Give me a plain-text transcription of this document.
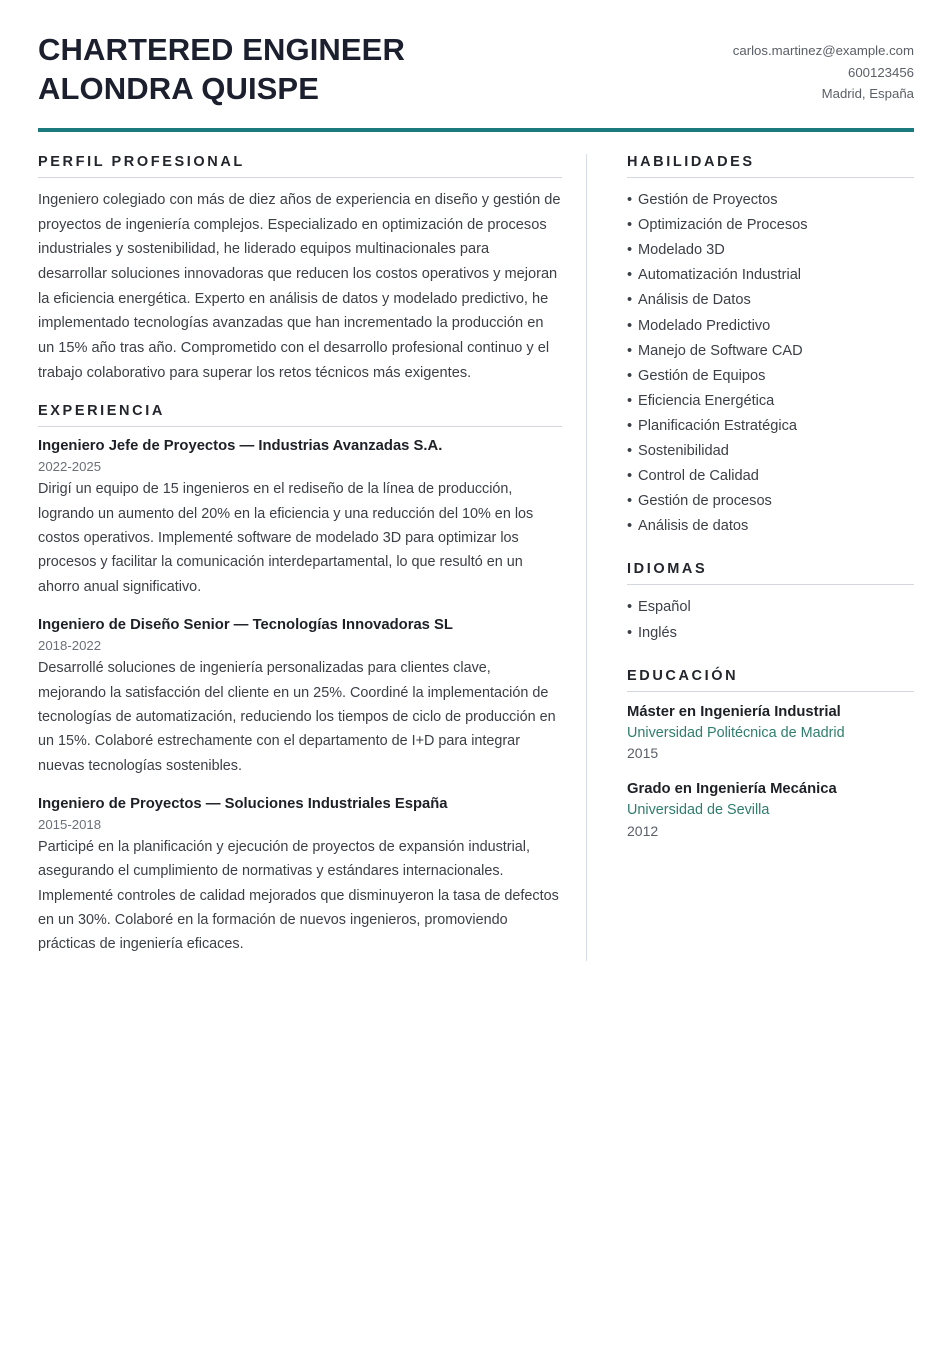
CHARTERED ENGINEER
ALONDRA QUISPE
carlos.martinez@example.com
600123456
Madrid, España
PERFIL PROFESIONAL

Ingeniero colegiado con más de diez años de experiencia en diseño y gestión de proyectos de ingeniería complejos. Especializado en optimización de procesos industriales y sostenibilidad, he liderado equipos multinacionales para desarrollar soluciones innovadoras que reducen los costos operativos y mejoran la eficiencia energética. Experto en análisis de datos y modelado predictivo, he implementado tecnologías avanzadas que han incrementado la producción en un 15% año tras año. Comprometido con el desarrollo profesional continuo y el trabajo colaborativo para superar los retos técnicos más exigentes.

EXPERIENCIA
Ingeniero Jefe de Proyectos — Industrias Avanzadas S.A.
2022-2025
Dirigí un equipo de 15 ingenieros en el rediseño de la línea de producción, logrando un aumento del 20% en la eficiencia y una reducción del 10% en los costos operativos. Implementé software de modelado 3D para optimizar los procesos y facilitar la comunicación interdepartamental, lo que resultó en un ahorro anual significativo.
Ingeniero de Diseño Senior — Tecnologías Innovadoras SL
2018-2022
Desarrollé soluciones de ingeniería personalizadas para clientes clave, mejorando la satisfacción del cliente en un 25%. Coordiné la implementación de tecnologías de automatización, reduciendo los tiempos de ciclo de producción en un 15%. Colaboré estrechamente con el departamento de I+D para integrar nuevas tecnologías sostenibles.
Ingeniero de Proyectos — Soluciones Industriales España
2015-2018
Participé en la planificación y ejecución de proyectos de expansión industrial, asegurando el cumplimiento de normativas y estándares internacionales. Implementé controles de calidad mejorados que disminuyeron la tasa de defectos en un 30%. Colaboré en la formación de nuevos ingenieros, promoviendo prácticas de ingeniería eficaces.
HABILIDADES
• Gestión de Proyectos
• Optimización de Procesos
• Modelado 3D
• Automatización Industrial
• Análisis de Datos
• Modelado Predictivo
• Manejo de Software CAD
• Gestión de Equipos
• Eficiencia Energética
• Planificación Estratégica
• Sostenibilidad
• Control de Calidad
• Gestión de procesos
• Análisis de datos
IDIOMAS
• Español
• Inglés
EDUCACIÓN
Máster en Ingeniería Industrial
Universidad Politécnica de Madrid
2015
Grado en Ingeniería Mecánica
Universidad de Sevilla
2012
